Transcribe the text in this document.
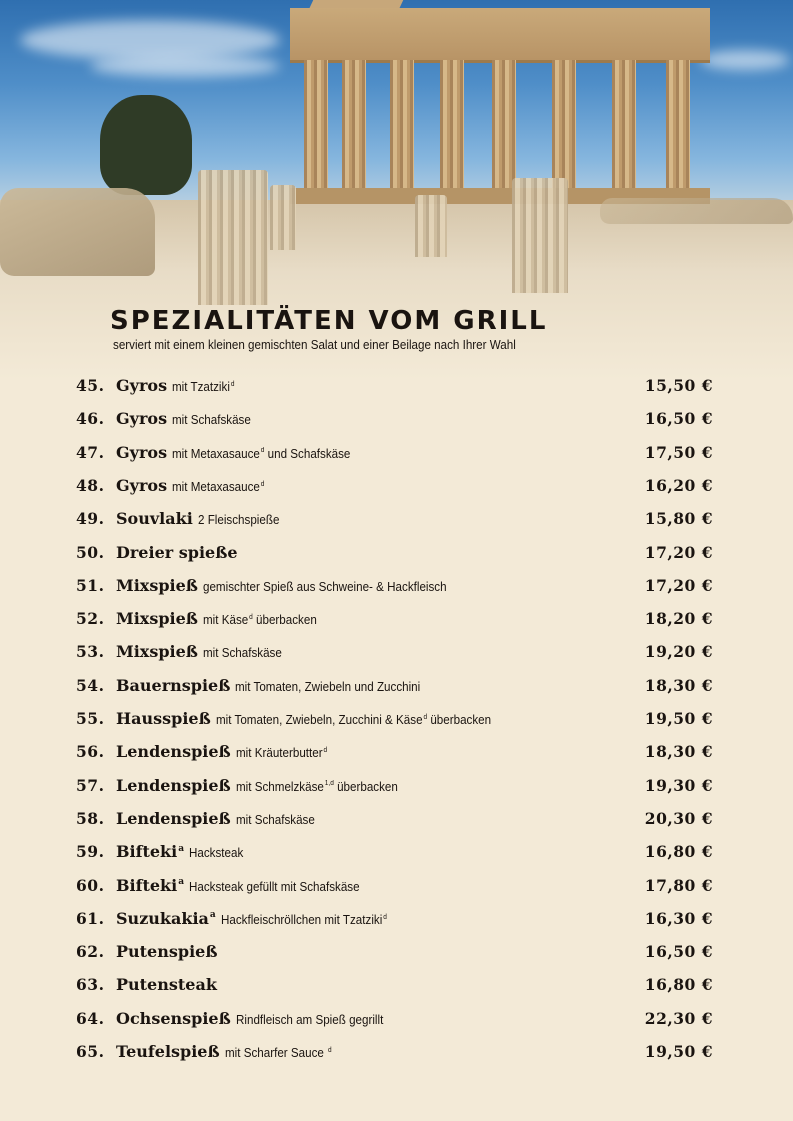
SPEZIALITÄTEN VOM GRILL
serviert mit einem kleinen gemischten Salat und einer Beilage nach Ihrer Wahl
45. Gyros mit Tzatziki$^d$	15,50 €
46. Gyros mit Schafskäse	16,50 €
47. Gyros mit Metaxasauce$^d$ und Schafskäse	17,50 €
48. Gyros mit Metaxasauce$^d$	16,20 €
49. Souvlaki 2 Fleischspieße	15,80 €
50. Dreier spieße	17,20 €
51. Mixspieß gemischter Spieß aus Schweine- & Hackfleisch	17,20 €
52. Mixspieß mit Käse$^d$ überbacken	18,20 €
53. Mixspieß mit Schafskäse	19,20 €
54. Bauernspieß mit Tomaten, Zwiebeln und Zucchini	18,30 €
55. Hausspieß mit Tomaten, Zwiebeln, Zucchini & Käse$^d$ überbacken	19,50 €
56. Lendenspieß mit Kräuterbutter$^d$	18,30 €
57. Lendenspieß mit Schmelzkäse$^{1,d}$ überbacken	19,30 €
58. Lendenspieß mit Schafskäse	20,30 €
59. Bifteki$^a$ Hacksteak	16,80 €
60. Bifteki$^a$ Hacksteak gefüllt mit Schafskäse	17,80 €
61. Suzukakia$^a$ Hackfleischröllchen mit Tzatziki$^d$	16,30 €
62. Putenspieß	16,50 €
63. Putensteak	16,80 €
64. Ochsenspieß Rindfleisch am Spieß gegrillt	22,30 €
65. Teufelspieß mit Scharfer Sauce $^d$	19,50 €
